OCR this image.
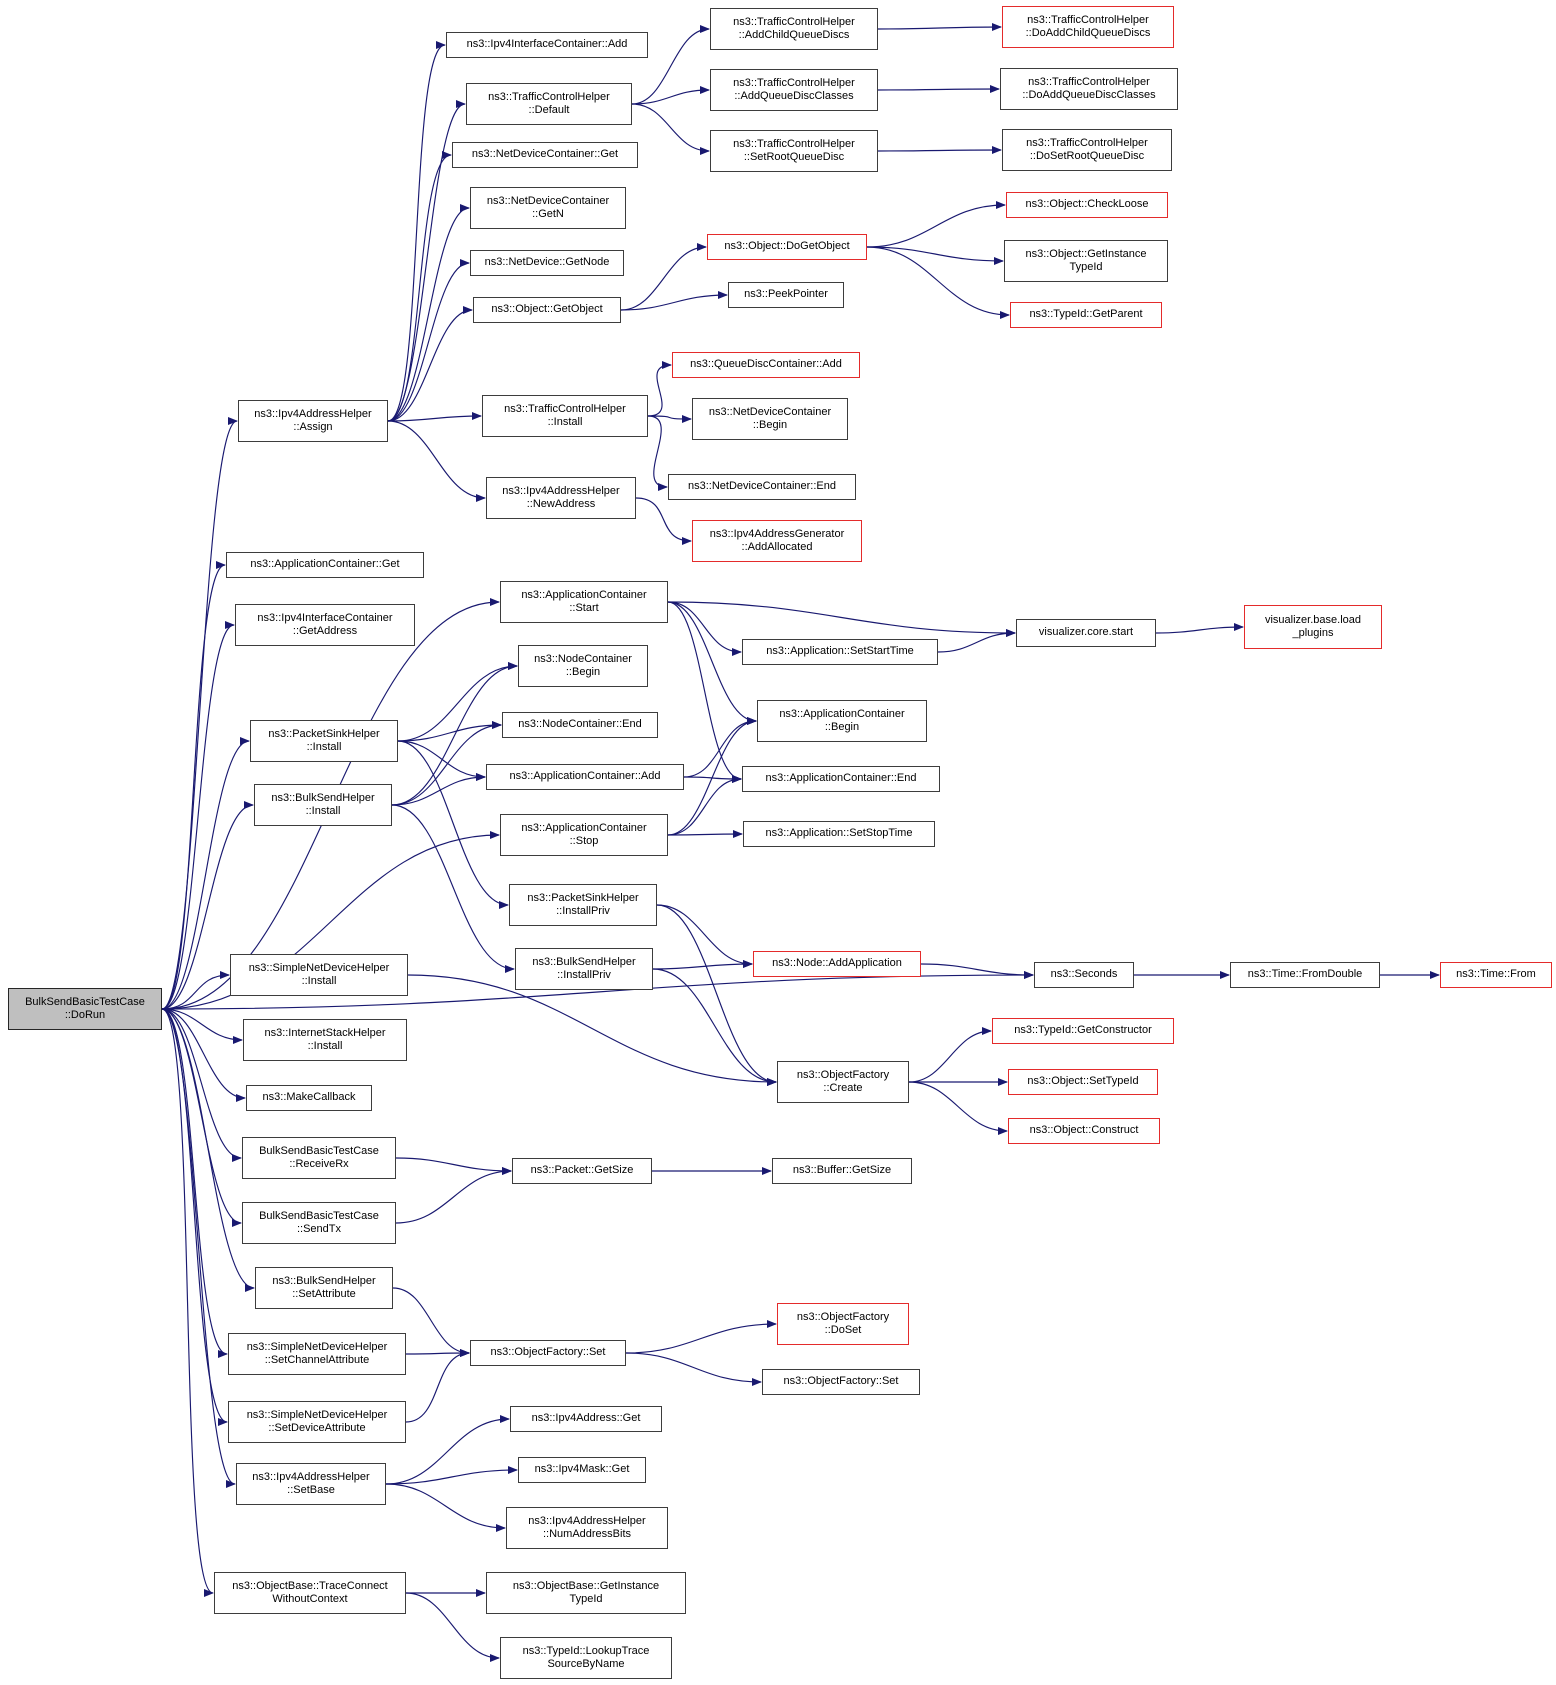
BulkSendBasicTestCase
::DoRun
ns3::Ipv4AddressHelper
::Assign
ns3::ApplicationContainer::Get
ns3::Ipv4InterfaceContainer
::GetAddress
ns3::PacketSinkHelper
::Install
ns3::BulkSendHelper
::Install
ns3::SimpleNetDeviceHelper
::Install
ns3::InternetStackHelper
::Install
ns3::MakeCallback
BulkSendBasicTestCase
::ReceiveRx
BulkSendBasicTestCase
::SendTx
ns3::BulkSendHelper
::SetAttribute
ns3::SimpleNetDeviceHelper
::SetChannelAttribute
ns3::SimpleNetDeviceHelper
::SetDeviceAttribute
ns3::Ipv4AddressHelper
::SetBase
ns3::ObjectBase::TraceConnect
WithoutContext
ns3::Ipv4InterfaceContainer::Add
ns3::TrafficControlHelper
::Default
ns3::NetDeviceContainer::Get
ns3::NetDeviceContainer
::GetN
ns3::NetDevice::GetNode
ns3::Object::GetObject
ns3::TrafficControlHelper
::Install
ns3::Ipv4AddressHelper
::NewAddress
ns3::ApplicationContainer
::Start
ns3::NodeContainer
::Begin
ns3::NodeContainer::End
ns3::ApplicationContainer::Add
ns3::ApplicationContainer
::Stop
ns3::PacketSinkHelper
::InstallPriv
ns3::BulkSendHelper
::InstallPriv
ns3::Packet::GetSize
ns3::ObjectFactory::Set
ns3::Ipv4Address::Get
ns3::Ipv4Mask::Get
ns3::Ipv4AddressHelper
::NumAddressBits
ns3::ObjectBase::GetInstance
TypeId
ns3::TypeId::LookupTrace
SourceByName
ns3::TrafficControlHelper
::AddChildQueueDiscs
ns3::TrafficControlHelper
::AddQueueDiscClasses
ns3::TrafficControlHelper
::SetRootQueueDisc
ns3::Object::DoGetObject
ns3::PeekPointer
ns3::QueueDiscContainer::Add
ns3::NetDeviceContainer
::Begin
ns3::NetDeviceContainer::End
ns3::Ipv4AddressGenerator
::AddAllocated
ns3::Application::SetStartTime
ns3::ApplicationContainer
::Begin
ns3::ApplicationContainer::End
ns3::Application::SetStopTime
ns3::Node::AddApplication
ns3::ObjectFactory
::Create
ns3::Buffer::GetSize
ns3::ObjectFactory
::DoSet
ns3::ObjectFactory::Set
ns3::TrafficControlHelper
::DoAddChildQueueDiscs
ns3::TrafficControlHelper
::DoAddQueueDiscClasses
ns3::TrafficControlHelper
::DoSetRootQueueDisc
ns3::Object::CheckLoose
ns3::Object::GetInstance
TypeId
ns3::TypeId::GetParent
visualizer.core.start
ns3::Seconds
ns3::TypeId::GetConstructor
ns3::Object::SetTypeId
ns3::Object::Construct
visualizer.base.load
_plugins
ns3::Time::FromDouble	ns3::Time::From
